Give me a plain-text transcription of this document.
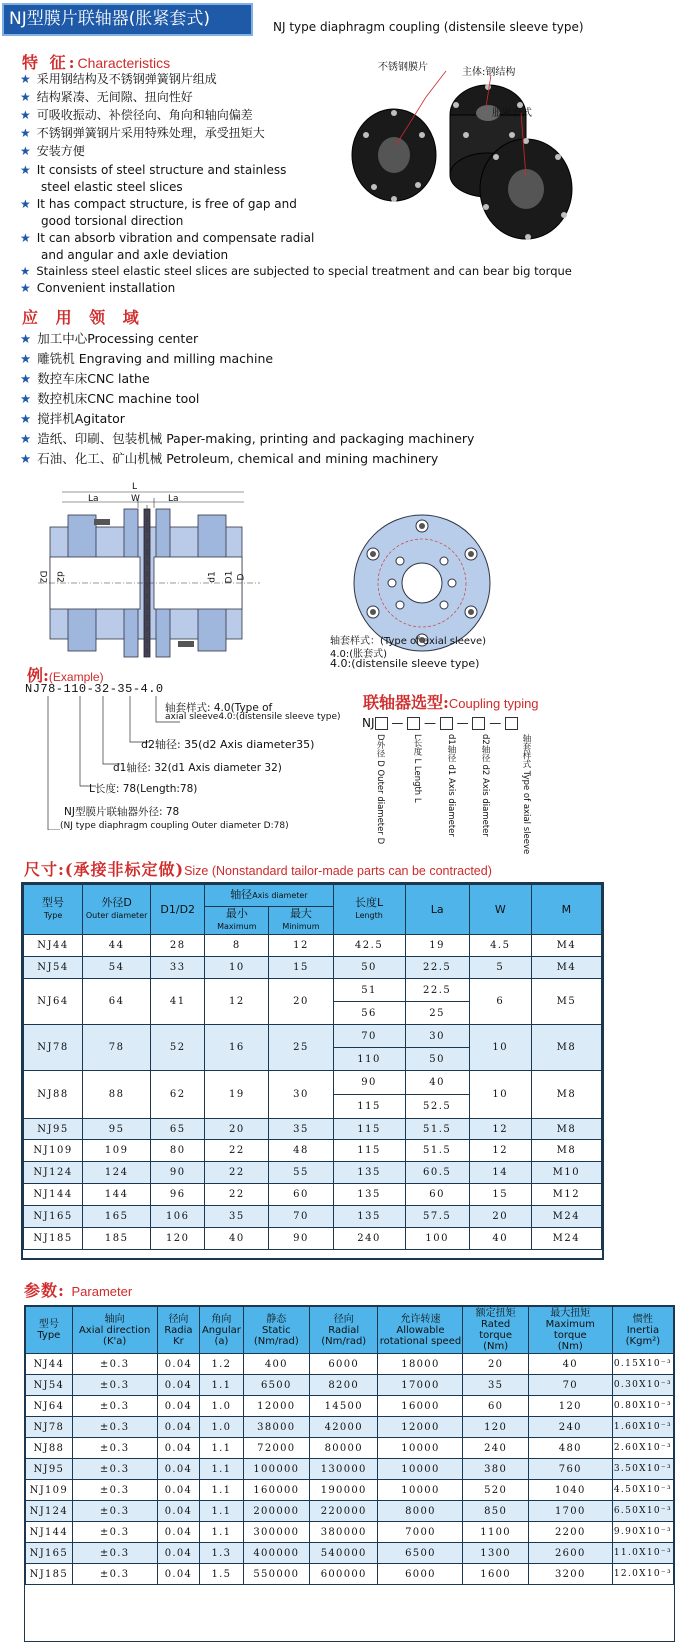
NJ型膜片联轴器(胀紧套式)	NJ type diaphragm coupling (distensile sleeve type)
特 征:Characteristics
★ 采用钢结构及不锈钢弹簧钢片组成
★ 结构紧凑、无间隙、扭向性好
★ 可吸收振动、补偿径向、角向和轴向偏差
★ 不锈钢弹簧钢片采用特殊处理，承受扭矩大
★ 安装方便
★ It consists of steel structure and stainless
steel elastic steel slices
★ It has compact structure, is free of gap and
good torsional direction
★ It can absorb vibration and compensate radial
and angular and axle deviation
★ Stainless steel elastic steel slices are subjected to special treatment and can bear big torque
★ Convenient installation
不锈钢膜片	主体:钢结构
胀紧套式
应 用 领 域
★ 加工中心Processing center
★ 雕铣机 Engraving and milling machine
★ 数控车床CNC lathe
★ 数控机床CNC machine tool
★ 搅拌机Agitator
★ 造纸、印刷、包装机械 Paper-making, printing and packaging machinery
★ 石油、化工、矿山机械 Petroleum, chemical and mining machinery
L
La	W	La
D2 d2	d1 D1 D
轴套样式：(Type of axial sleeve)
4.0:(胀套式)
4.0:(distensile sleeve type)
例:(Example)
NJ78-110-32-35-4.0
轴套样式: 4.0(Type of
axial sleeve4.0:(distensile sleeve type)
d2轴径: 35(d2 Axis diameter35)
d1轴径: 32(d1 Axis diameter 32)
L长度: 78(Length:78)
NJ型膜片联轴器外径: 78
(NJ type diaphragm coupling Outer diameter D:78)
联轴器选型:Coupling typing
NJ —  —  —  —
D外径 D Outer diameter D	L长度 L Length L	d1轴径 d1 Axis diameter	d2轴径 d2 Axis diameter	轴套样式 Type of axial sleeve
尺寸:(承接非标定做)Size (Nonstandard tailor-made parts can be contracted)
型号
Type	外径D
Outer diameter	D1/D2	轴径Axis diameter		长度L
Length	La	W	M
			最小
Maximum	最大
Minimum				
NJ44	44	28	8	12	42.5	19	4.5	M4
NJ54	54	33	10	15	50	22.5	5	M4
NJ64	64	41	12	20	51	22.5	6	M5
					56	25		
NJ78	78	52	16	25	70	30	10	M8
					110	50		
NJ88	88	62	19	30	90	40	10	M8
					115	52.5		
NJ95	95	65	20	35	115	51.5	12	M8
NJ109	109	80	22	48	115	51.5	12	M8
NJ124	124	90	22	55	135	60.5	14	M10
NJ144	144	96	22	60	135	60	15	M12
NJ165	165	106	35	70	135	57.5	20	M24
NJ185	185	120	40	90	240	100	40	M24
参数: Parameter
型号
Type	轴向
Axial direction
(K'a)	径向
Radia
Kr	角向
Angular
(a)	静态
Static
(Nm/rad)	径向
Radial
(Nm/rad)	允许转速
Allowable
rotational speed	额定扭矩
Rated torque
(Nm)	最大扭矩
Maximum torque
(Nm)	惯性
Inertia
(Kgm²)
NJ44	±0.3	0.04	1.2	400	6000	18000	20	40	0.15X10⁻³
NJ54	±0.3	0.04	1.1	6500	8200	17000	35	70	0.30X10⁻³
NJ64	±0.3	0.04	1.0	12000	14500	16000	60	120	0.80X10⁻³
NJ78	±0.3	0.04	1.0	38000	42000	12000	120	240	1.60X10⁻³
NJ88	±0.3	0.04	1.1	72000	80000	10000	240	480	2.60X10⁻³
NJ95	±0.3	0.04	1.1	100000	130000	10000	380	760	3.50X10⁻³
NJ109	±0.3	0.04	1.1	160000	190000	10000	520	1040	4.50X10⁻³
NJ124	±0.3	0.04	1.1	200000	220000	8000	850	1700	6.50X10⁻³
NJ144	±0.3	0.04	1.1	300000	380000	7000	1100	2200	9.90X10⁻³
NJ165	±0.3	0.04	1.3	400000	540000	6500	1300	2600	11.0X10⁻³
NJ185	±0.3	0.04	1.5	550000	600000	6000	1600	3200	12.0X10⁻³
